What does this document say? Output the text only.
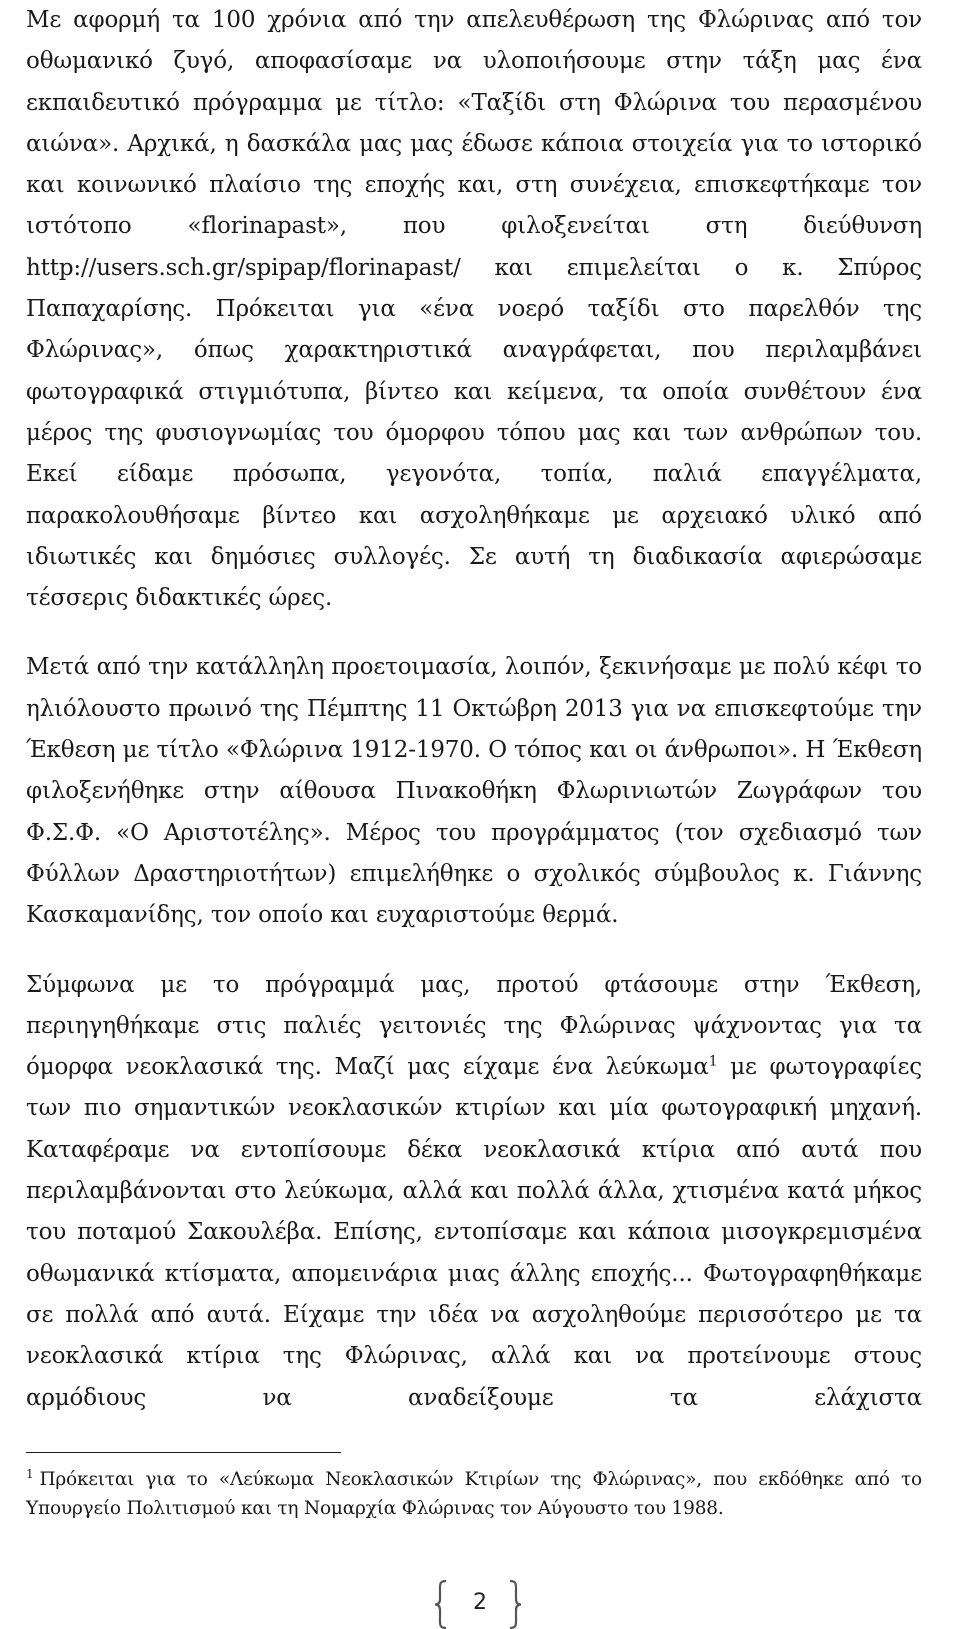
Με αφορμή τα 100 χρόνια από την απελευθέρωση της Φλώρινας από τον οθωμανικό ζυγό, αποφασίσαμε να υλοποιήσουμε στην τάξη μας ένα εκπαιδευτικό πρόγραμμα με τίτλο: «Ταξίδι στη Φλώρινα του περασμένου αιώνα». Αρχικά, η δασκάλα μας μας έδωσε κάποια στοιχεία για το ιστορικό και κοινωνικό πλαίσιο της εποχής και, στη συνέχεια, επισκεφτήκαμε τον ιστότοπο «florinapast», που φιλοξενείται στη διεύθυνση http://users.sch.gr/spipap/florinapast/ και επιμελείται ο κ. Σπύρος Παπαχαρίσης. Πρόκειται για «ένα νοερό ταξίδι στο παρελθόν της Φλώρινας», όπως χαρακτηριστικά αναγράφεται, που περιλαμβάνει φωτογραφικά στιγμιότυπα, βίντεο και κείμενα, τα οποία συνθέτουν ένα μέρος της φυσιογνωμίας του όμορφου τόπου μας και των ανθρώπων του. Εκεί είδαμε πρόσωπα, γεγονότα, τοπία, παλιά επαγγέλματα, παρακολουθήσαμε βίντεο και ασχοληθήκαμε με αρχειακό υλικό από ιδιωτικές και δημόσιες συλλογές. Σε αυτή τη διαδικασία αφιερώσαμε τέσσερις διδακτικές ώρες.

Μετά από την κατάλληλη προετοιμασία, λοιπόν, ξεκινήσαμε με πολύ κέφι το ηλιόλουστο πρωινό της Πέμπτης 11 Οκτώβρη 2013 για να επισκεφτούμε την Έκθεση με τίτλο «Φλώρινα 1912-1970. Ο τόπος και οι άνθρωποι». Η Έκθεση φιλοξενήθηκε στην αίθουσα Πινακοθήκη Φλωρινιωτών Ζωγράφων του Φ.Σ.Φ. «Ο Αριστοτέλης». Μέρος του προγράμματος (τον σχεδιασμό των Φύλλων Δραστηριοτήτων) επιμελήθηκε ο σχολικός σύμβουλος κ. Γιάννης Κασκαμανίδης, τον οποίο και ευχαριστούμε θερμά.

Σύμφωνα με το πρόγραμμά μας, προτού φτάσουμε στην Έκθεση, περιηγηθήκαμε στις παλιές γειτονιές της Φλώρινας ψάχνοντας για τα όμορφα νεοκλασικά της. Μαζί μας είχαμε ένα λεύκωμα$^1$ με φωτογραφίες των πιο σημαντικών νεοκλασικών κτιρίων και μία φωτογραφική μηχανή. Καταφέραμε να εντοπίσουμε δέκα νεοκλασικά κτίρια από αυτά που περιλαμβάνονται στο λεύκωμα, αλλά και πολλά άλλα, χτισμένα κατά μήκος του ποταμού Σακουλέβα. Επίσης, εντοπίσαμε και κάποια μισογκρεμισμένα οθωμανικά κτίσματα, απομεινάρια μιας άλλης εποχής... Φωτογραφηθήκαμε σε πολλά από αυτά. Είχαμε την ιδέα να ασχοληθούμε περισσότερο με τα νεοκλασικά κτίρια της Φλώρινας, αλλά και να προτείνουμε στους αρμόδιους να αναδείξουμε τα ελάχιστα

$^1$ Πρόκειται για το «Λεύκωμα Νεοκλασικών Κτιρίων της Φλώρινας», που εκδόθηκε από το Υπουργείο Πολιτισμού και τη Νομαρχία Φλώρινας τον Αύγουστο του 1988.
2
